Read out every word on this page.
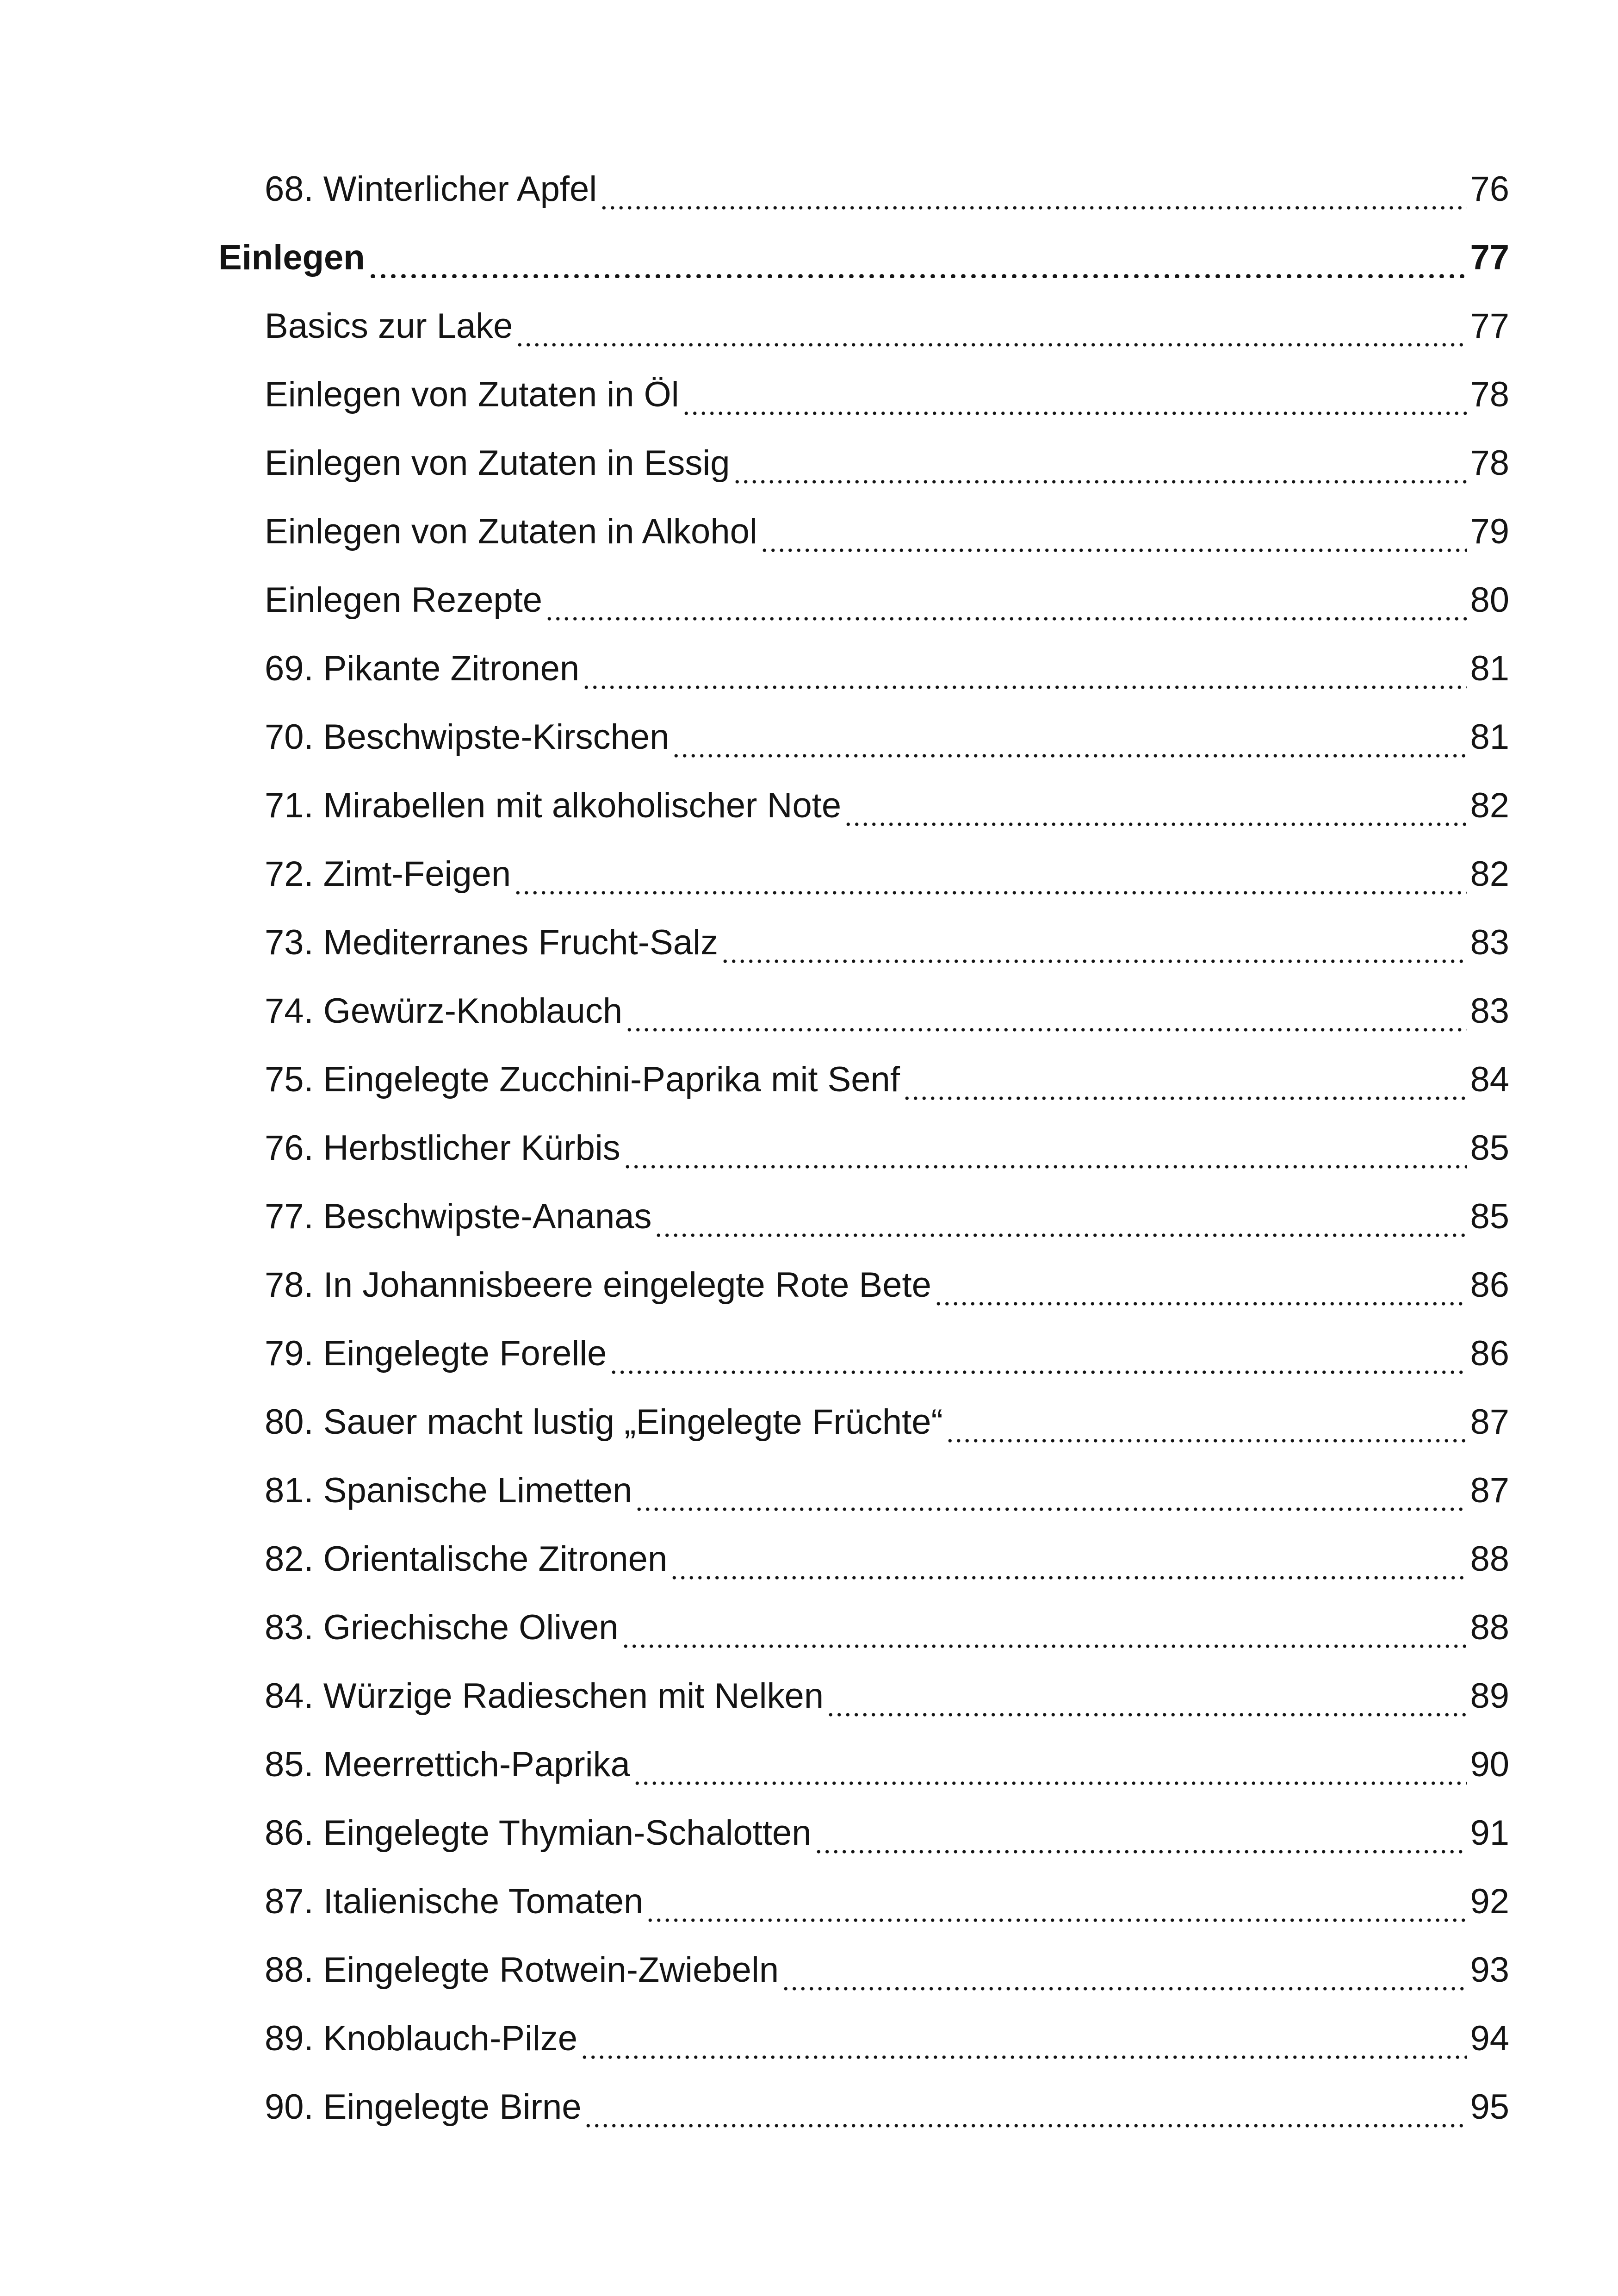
68. Winterlicher Apfel	76
Einlegen	77
Basics zur Lake	77
Einlegen von Zutaten in Öl	78
Einlegen von Zutaten in Essig	78
Einlegen von Zutaten in Alkohol	79
Einlegen Rezepte	80
69. Pikante Zitronen	81
70. Beschwipste-Kirschen	81
71. Mirabellen mit alkoholischer Note	82
72. Zimt-Feigen	82
73. Mediterranes Frucht-Salz	83
74. Gewürz-Knoblauch	83
75. Eingelegte Zucchini-Paprika mit Senf	84
76. Herbstlicher Kürbis	85
77. Beschwipste-Ananas	85
78. In Johannisbeere eingelegte Rote Bete	86
79. Eingelegte Forelle	86
80. Sauer macht lustig „Eingelegte Früchte“	87
81. Spanische Limetten	87
82. Orientalische Zitronen	88
83. Griechische Oliven	88
84. Würzige Radieschen mit Nelken	89
85. Meerrettich-Paprika	90
86. Eingelegte Thymian-Schalotten	91
87. Italienische Tomaten	92
88. Eingelegte Rotwein-Zwiebeln	93
89. Knoblauch-Pilze	94
90. Eingelegte Birne	95
